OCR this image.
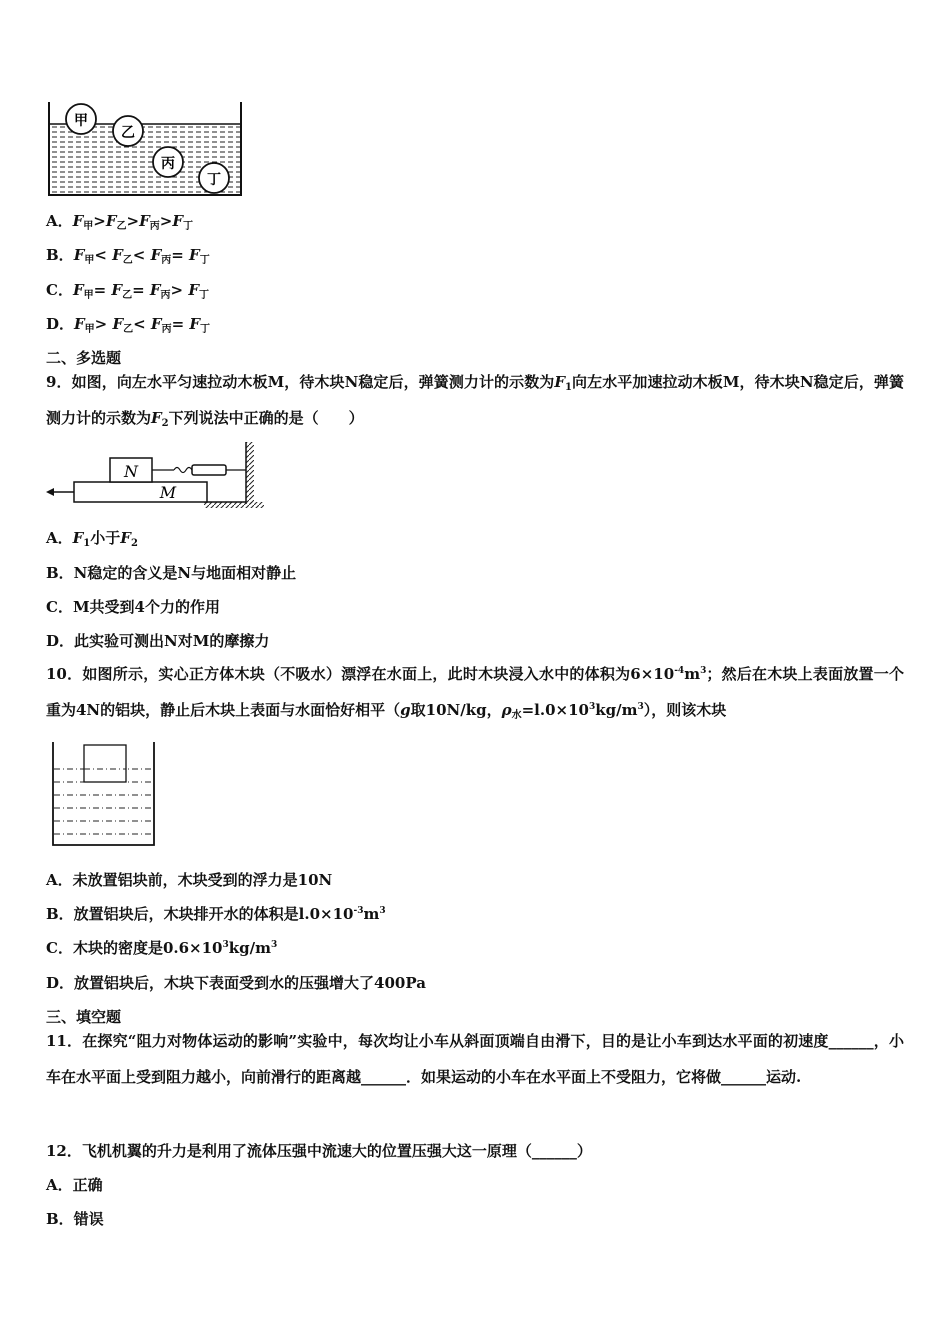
甲
乙
丙
丁
A．$F_甲>F_乙>F_丙>F_丁$
B．$F_甲< F_乙< F_丙= F_丁$
C．$F_甲= F_乙= F_丙> F_丁$
D．$F_甲> F_乙< F_丙= F_丁$
二、多选题
9．如图，向左水平匀速拉动木板M，待木块N稳定后，弹簧测力计的示数为$F_1$向左水平加速拉动木板M，待木块N稳定后，弹簧测力计的示数为$F_2$下列说法中正确的是（　　）
M
N
A．$F_1$小于$F_2$
B．N稳定的含义是N与地面相对静止
C．M共受到4个力的作用
D．此实验可测出N对M的摩擦力
10．如图所示，实心正方体木块（不吸水）漂浮在水面上，此时木块浸入水中的体积为$6\times 10^{-4}m^3$；然后在木块上表面放置一个重为4N的铝块，静止后木块上表面与水面恰好相平（g取10N/kg，$\rho_水=l.0\times 10^3kg/m^3$），则该木块
A．未放置铝块前，木块受到的浮力是10N
B．放置铝块后，木块排开水的体积是$l.0\times 10^{-3}m^3$
C．木块的密度是$0.6\times 10^3kg/m^3$
D．放置铝块后，木块下表面受到水的压强增大了400Pa
三、填空题
11．在探究“阻力对物体运动的影响”实验中，每次均让小车从斜面顶端自由滑下，目的是让小车到达水平面的初速度______，小车在水平面上受到阻力越小，向前滑行的距离越______．如果运动的小车在水平面上不受阻力，它将做______运动.
12．飞机机翼的升力是利用了流体压强中流速大的位置压强大这一原理（______）
A．正确
B．错误
